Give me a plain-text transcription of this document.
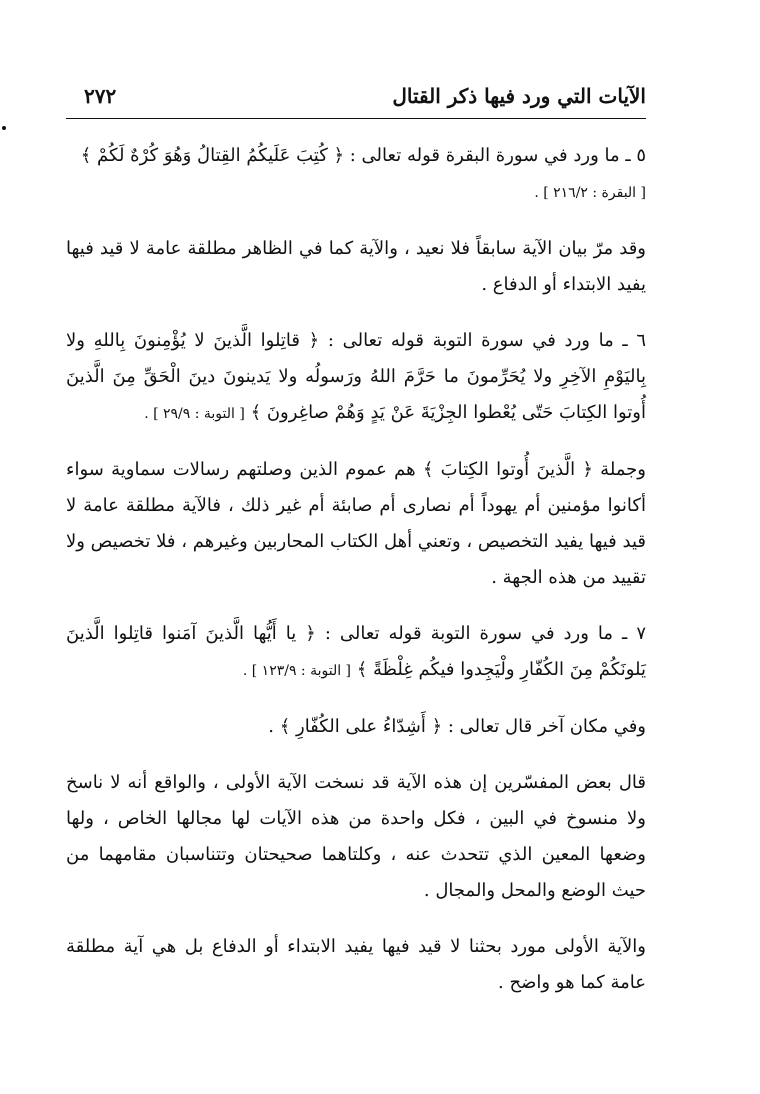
الآيات التي ورد فيها ذكر القتال
٢٧٢

٥ ـ ما ورد في سورة البقرة قوله تعالى : ﴿ كُتِبَ عَلَيكُمُ القِتالُ وَهُوَ كُرْهٌ لَكُمْ ﴾
[ البقرة : ٢١٦/٢ ] .

وقد مرّ بيان الآية سابقاً فلا نعيد ، والآية كما في الظاهر مطلقة عامة لا قيد فيها يفيد الابتداء أو الدفاع .

٦ ـ ما ورد في سورة التوبة قوله تعالى : ﴿ قاتِلوا الَّذينَ لا يُؤْمِنونَ بِاللهِ ولا بِاليَوْمِ الآخِرِ ولا يُحَرِّمونَ ما حَرَّمَ اللهُ ورَسولُه ولا يَدينونَ دينَ الْحَقِّ مِنَ الَّذينَ أُوتوا الكِتابَ حَتّى يُعْطوا الجِزْيَةَ عَنْ يَدٍ وَهُمْ صاغِرونَ ﴾ [ التوبة : ٢٩/٩ ] .

وجملة ﴿ الَّذينَ أُوتوا الكِتابَ ﴾ هم عموم الذين وصلتهم رسالات سماوية سواء أكانوا مؤمنين أم يهوداً أم نصارى أم صابئة أم غير ذلك ، فالآية مطلقة عامة لا قيد فيها يفيد التخصيص ، وتعني أهل الكتاب المحاربين وغيرهم ، فلا تخصيص ولا تقييد من هذه الجهة .

٧ ـ ما ورد في سورة التوبة قوله تعالى : ﴿ يا أَيُّها الَّذينَ آمَنوا قاتِلوا الَّذينَ يَلونَكُمْ مِنَ الكُفّارِ ولْيَجِدوا فيكُم غِلْظَةً ﴾ [ التوبة : ١٢٣/٩ ] .

وفي مكان آخر قال تعالى : ﴿ أَشِدّاءُ على الكُفّارِ ﴾ .

قال بعض المفسّرين إن هذه الآية قد نسخت الآية الأولى ، والواقع أنه لا ناسخ ولا منسوخ في البين ، فكل واحدة من هذه الآيات لها مجالها الخاص ، ولها وضعها المعين الذي تتحدث عنه ، وكلتاهما صحيحتان وتتناسبان مقامهما من حيث الوضع والمحل والمجال .

والآية الأولى مورد بحثنا لا قيد فيها يفيد الابتداء أو الدفاع بل هي آية مطلقة عامة كما هو واضح .
